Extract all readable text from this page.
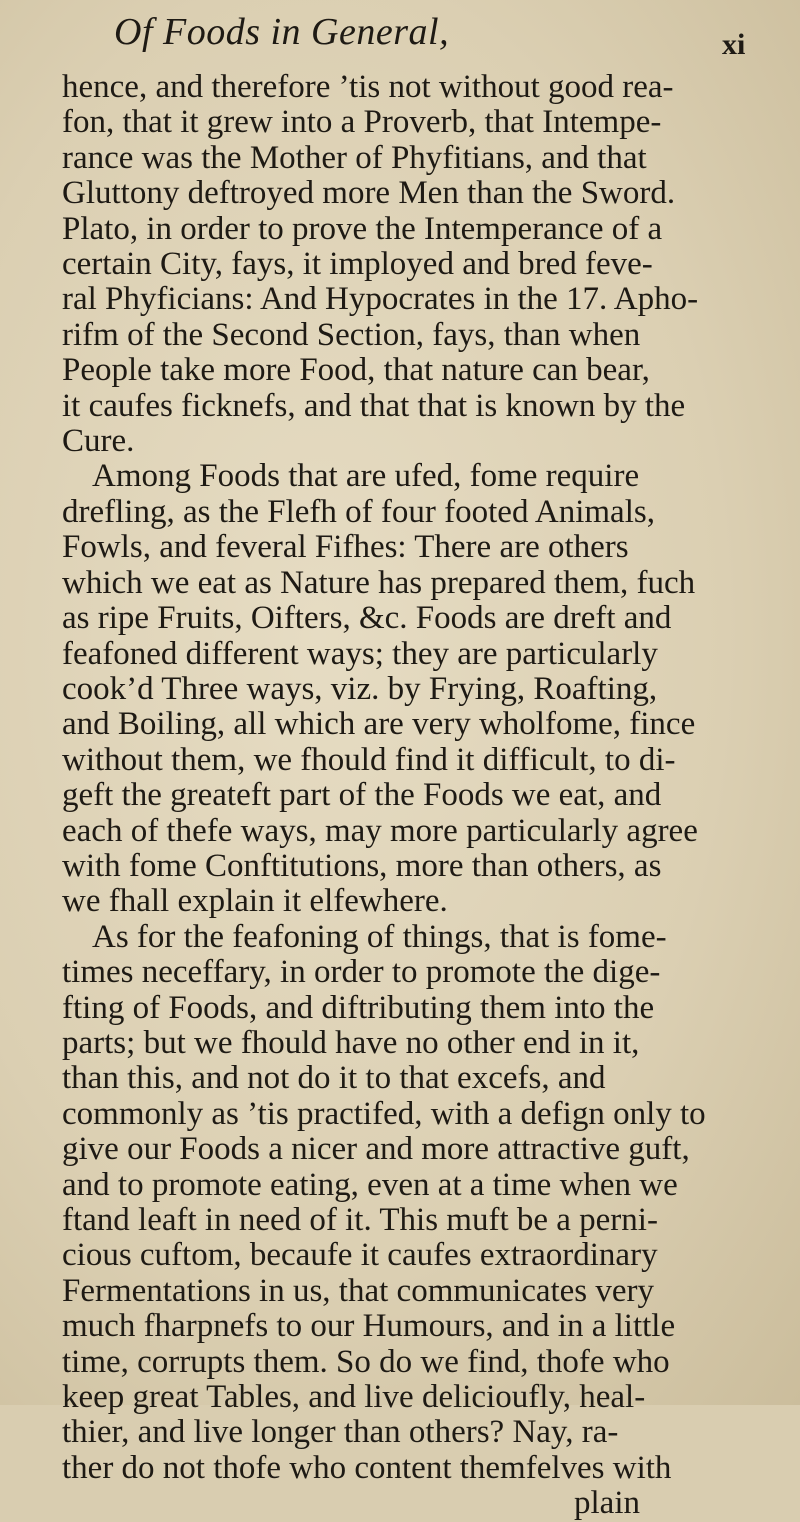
Of Foods in General,	xi
hence, and therefore ’tis not without good rea-
fon, that it grew into a Proverb, that Intempe-
rance was the Mother of Phyfitians, and that
Gluttony deftroyed more Men than the Sword.
Plato, in order to prove the Intemperance of a
certain City, fays, it imployed and bred feve-
ral Phyficians: And Hypocrates in the 17. Apho-
rifm of the Second Section, fays, than when
People take more Food, that nature can bear,
it caufes ficknefs, and that that is known by the
Cure.
Among Foods that are ufed, fome require
drefling, as the Flefh of four footed Animals,
Fowls, and feveral Fifhes: There are others
which we eat as Nature has prepared them, fuch
as ripe Fruits, Oifters, &c. Foods are dreft and
feafoned different ways; they are particularly
cook’d Three ways, viz. by Frying, Roafting,
and Boiling, all which are very wholfome, fince
without them, we fhould find it difficult, to di-
geft the greateft part of the Foods we eat, and
each of thefe ways, may more particularly agree
with fome Conftitutions, more than others, as
we fhall explain it elfewhere.
As for the feafoning of things, that is fome-
times neceffary, in order to promote the dige-
fting of Foods, and diftributing them into the
parts; but we fhould have no other end in it,
than this, and not do it to that excefs, and
commonly as ’tis practifed, with a defign only to
give our Foods a nicer and more attractive guft,
and to promote eating, even at a time when we
ftand leaft in need of it. This muft be a perni-
cious cuftom, becaufe it caufes extraordinary
Fermentations in us, that communicates very
much fharpnefs to our Humours, and in a little
time, corrupts them. So do we find, thofe who
keep great Tables, and live delicioufly, heal-
thier, and live longer than others? Nay, ra-
ther do not thofe who content themfelves with
plain
